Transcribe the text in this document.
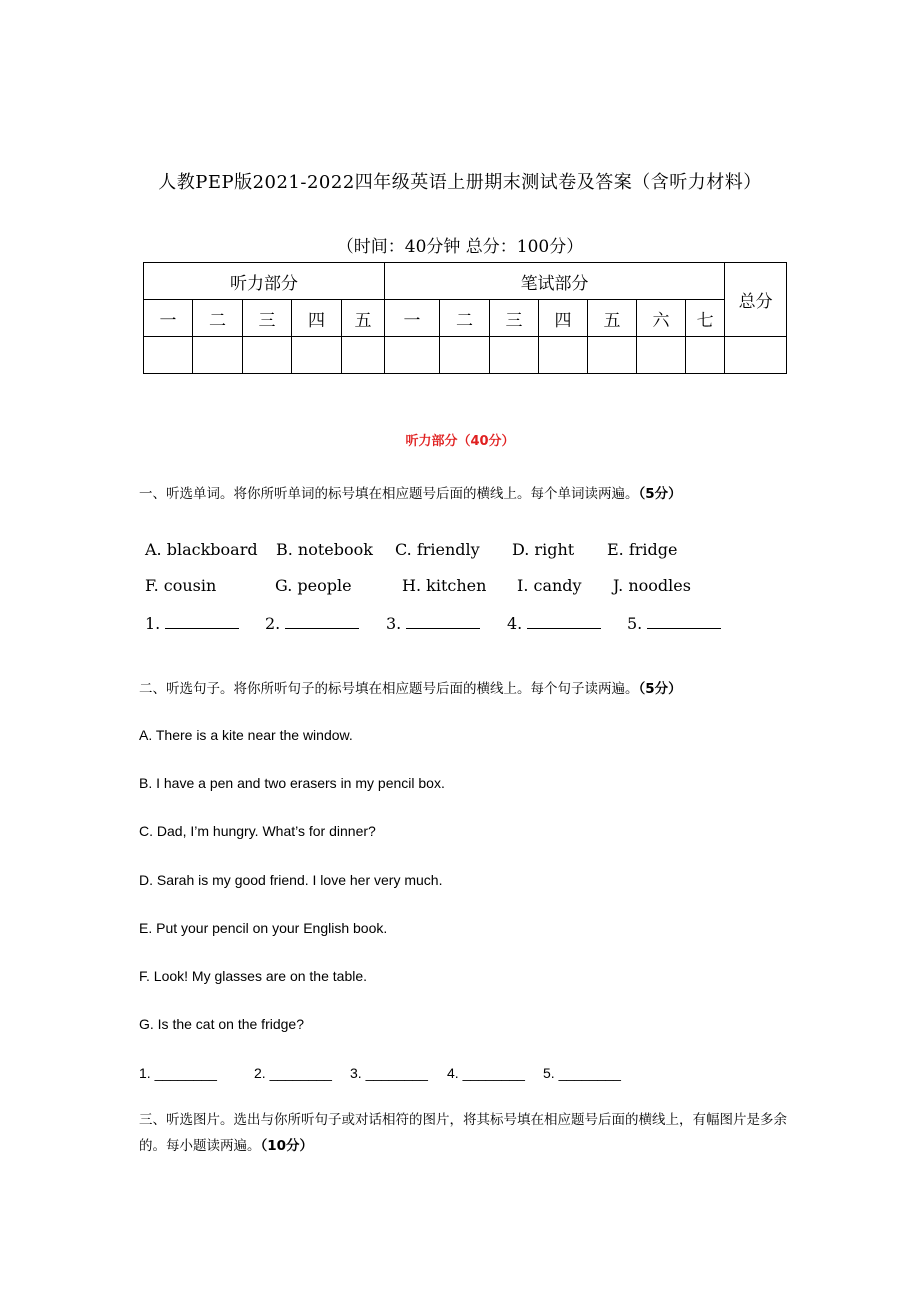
人教PEP版2021-2022四年级英语上册期末测试卷及答案（含听力材料）
（时间：40分钟 总分：100分）
听力部分					笔试部分							总分
一	二	三	四	五	一	二	三	四	五	六	七	

听力部分（40分）
一、听选单词。将你所听单词的标号填在相应题号后面的横线上。每个单词读两遍。（5分）
A. blackboard B. notebook C. friendly D. right E. fridge
F. cousin	G. people	H. kitchen I. candy J. noodles
1.	2.	3.	4.	5.
二、听选句子。将你所听句子的标号填在相应题号后面的横线上。每个句子读两遍。（5分）
A. There is a kite near the window.
B. I have a pen and two erasers in my pencil box.
C. Dad, I’m hungry. What’s for dinner?
D. Sarah is my good friend. I love her very much.
E. Put your pencil on your English book.
F. Look! My glasses are on the table.
G. Is the cat on the fridge?
1. ________	2. ________ 3. ________ 4. ________ 5. ________
三、听选图片。选出与你所听句子或对话相符的图片，将其标号填在相应题号后面的横线上，有幅图片是多余的。每小题读两遍。（10分）
